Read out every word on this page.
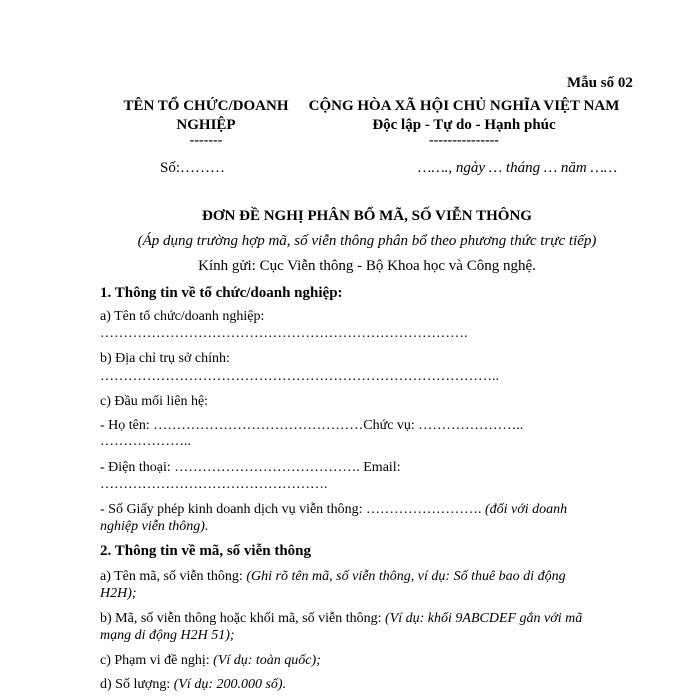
Mẫu số 02
TÊN TỔ CHỨC/DOANH
NGHIỆP
-------
Số:………
CỘNG HÒA XÃ HỘI CHỦ NGHĨA VIỆT NAM
Độc lập - Tự do - Hạnh phúc
---------------
……., ngày … tháng … năm ……
ĐƠN ĐỀ NGHỊ PHÂN BỔ MÃ, SỐ VIỄN THÔNG
(Áp dụng trường hợp mã, số viễn thông phân bổ theo phương thức trực tiếp)
Kính gửi: Cục Viễn thông - Bộ Khoa học và Công nghệ.
1. Thông tin về tổ chức/doanh nghiệp:
a) Tên tổ chức/doanh nghiệp:
…………………………………………………………………….
b) Địa chỉ trụ sở chính:
…………………………………………………………………………..
c) Đầu mối liên hệ:
- Họ tên: ………………………………………Chức vụ: …………………..
………………..
- Điện thoại: …………………………………. Email:
………………………………………….
- Số Giấy phép kinh doanh dịch vụ viễn thông: ……………………. (đối với doanh
nghiệp viễn thông).
2. Thông tin về mã, số viễn thông
a) Tên mã, số viễn thông: (Ghi rõ tên mã, số viễn thông, ví dụ: Số thuê bao di động
H2H);
b) Mã, số viễn thông hoặc khối mã, số viễn thông: (Ví dụ: khối 9ABCDEF gắn với mã
mạng di động H2H 51);
c) Phạm vi đề nghị: (Ví dụ: toàn quốc);
d) Số lượng: (Ví dụ: 200.000 số).
